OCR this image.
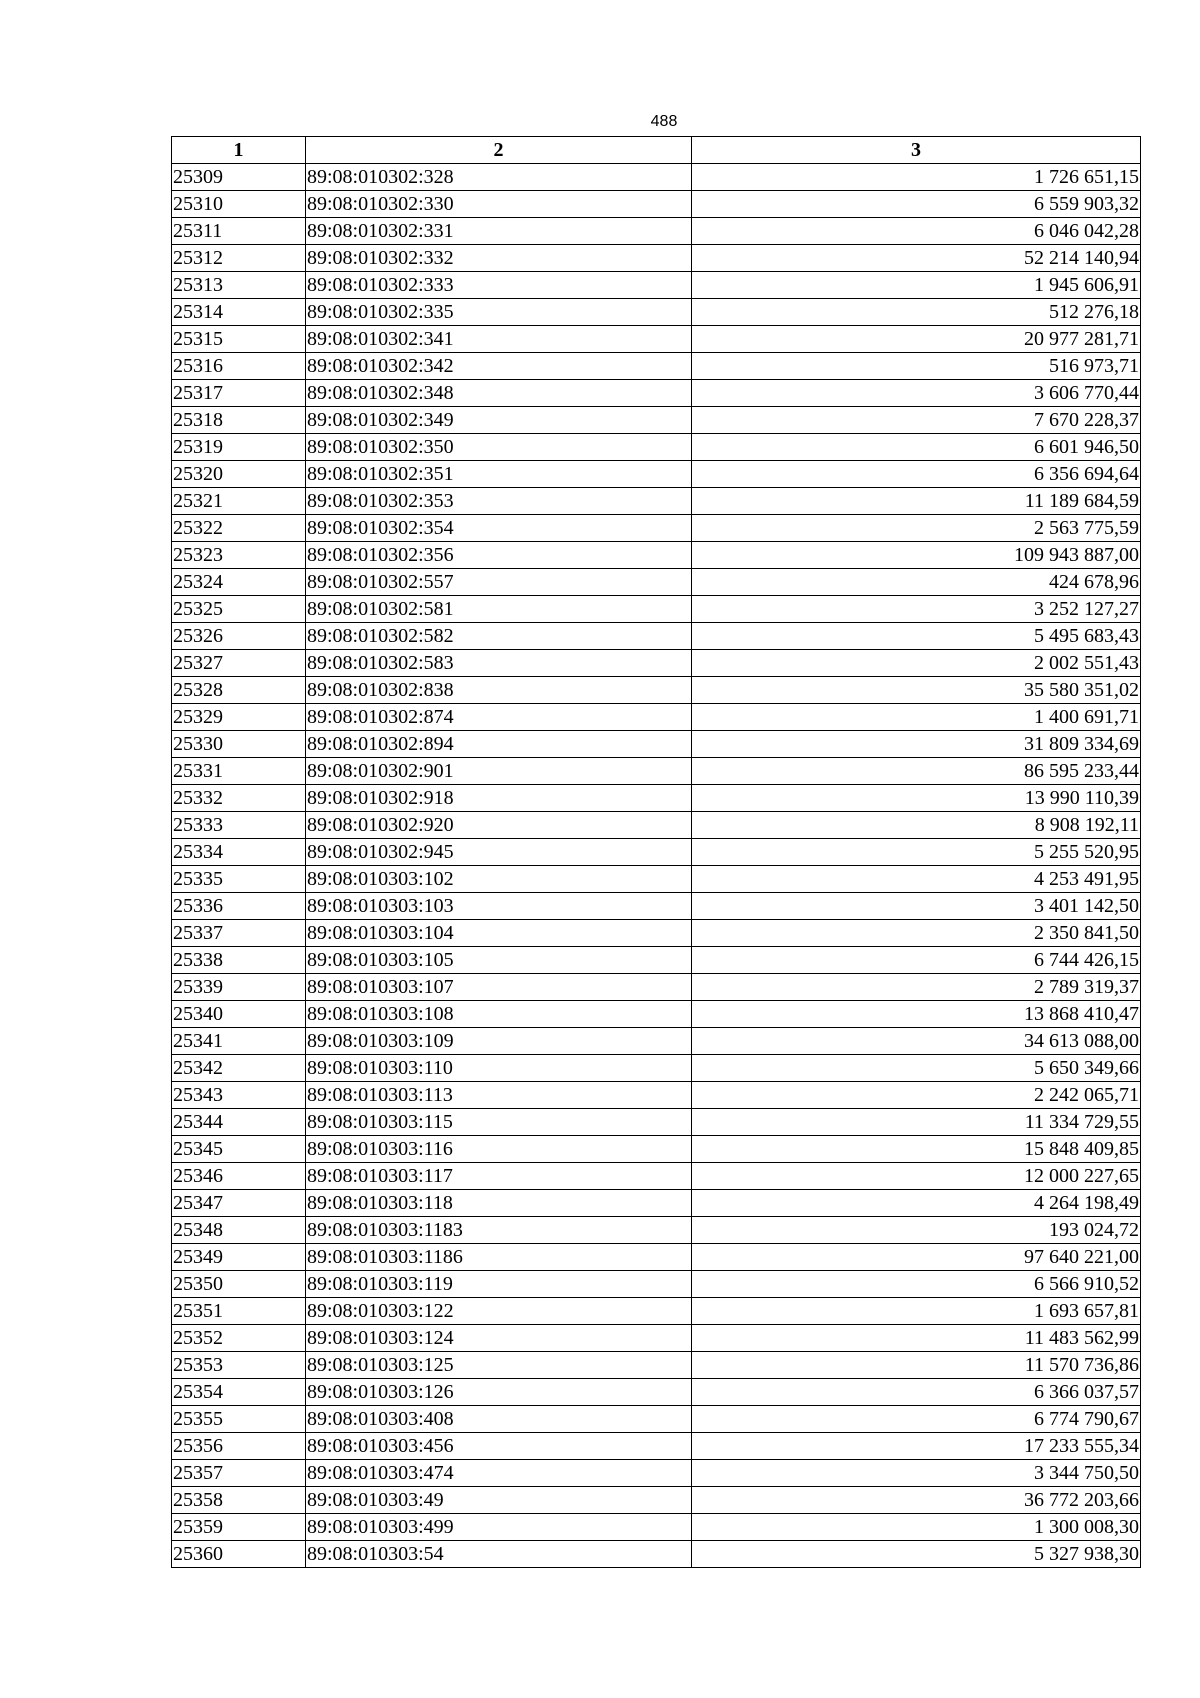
488
1	2	3
25309	89:08:010302:328	1 726 651,15
25310	89:08:010302:330	6 559 903,32
25311	89:08:010302:331	6 046 042,28
25312	89:08:010302:332	52 214 140,94
25313	89:08:010302:333	1 945 606,91
25314	89:08:010302:335	512 276,18
25315	89:08:010302:341	20 977 281,71
25316	89:08:010302:342	516 973,71
25317	89:08:010302:348	3 606 770,44
25318	89:08:010302:349	7 670 228,37
25319	89:08:010302:350	6 601 946,50
25320	89:08:010302:351	6 356 694,64
25321	89:08:010302:353	11 189 684,59
25322	89:08:010302:354	2 563 775,59
25323	89:08:010302:356	109 943 887,00
25324	89:08:010302:557	424 678,96
25325	89:08:010302:581	3 252 127,27
25326	89:08:010302:582	5 495 683,43
25327	89:08:010302:583	2 002 551,43
25328	89:08:010302:838	35 580 351,02
25329	89:08:010302:874	1 400 691,71
25330	89:08:010302:894	31 809 334,69
25331	89:08:010302:901	86 595 233,44
25332	89:08:010302:918	13 990 110,39
25333	89:08:010302:920	8 908 192,11
25334	89:08:010302:945	5 255 520,95
25335	89:08:010303:102	4 253 491,95
25336	89:08:010303:103	3 401 142,50
25337	89:08:010303:104	2 350 841,50
25338	89:08:010303:105	6 744 426,15
25339	89:08:010303:107	2 789 319,37
25340	89:08:010303:108	13 868 410,47
25341	89:08:010303:109	34 613 088,00
25342	89:08:010303:110	5 650 349,66
25343	89:08:010303:113	2 242 065,71
25344	89:08:010303:115	11 334 729,55
25345	89:08:010303:116	15 848 409,85
25346	89:08:010303:117	12 000 227,65
25347	89:08:010303:118	4 264 198,49
25348	89:08:010303:1183	193 024,72
25349	89:08:010303:1186	97 640 221,00
25350	89:08:010303:119	6 566 910,52
25351	89:08:010303:122	1 693 657,81
25352	89:08:010303:124	11 483 562,99
25353	89:08:010303:125	11 570 736,86
25354	89:08:010303:126	6 366 037,57
25355	89:08:010303:408	6 774 790,67
25356	89:08:010303:456	17 233 555,34
25357	89:08:010303:474	3 344 750,50
25358	89:08:010303:49	36 772 203,66
25359	89:08:010303:499	1 300 008,30
25360	89:08:010303:54	5 327 938,30
